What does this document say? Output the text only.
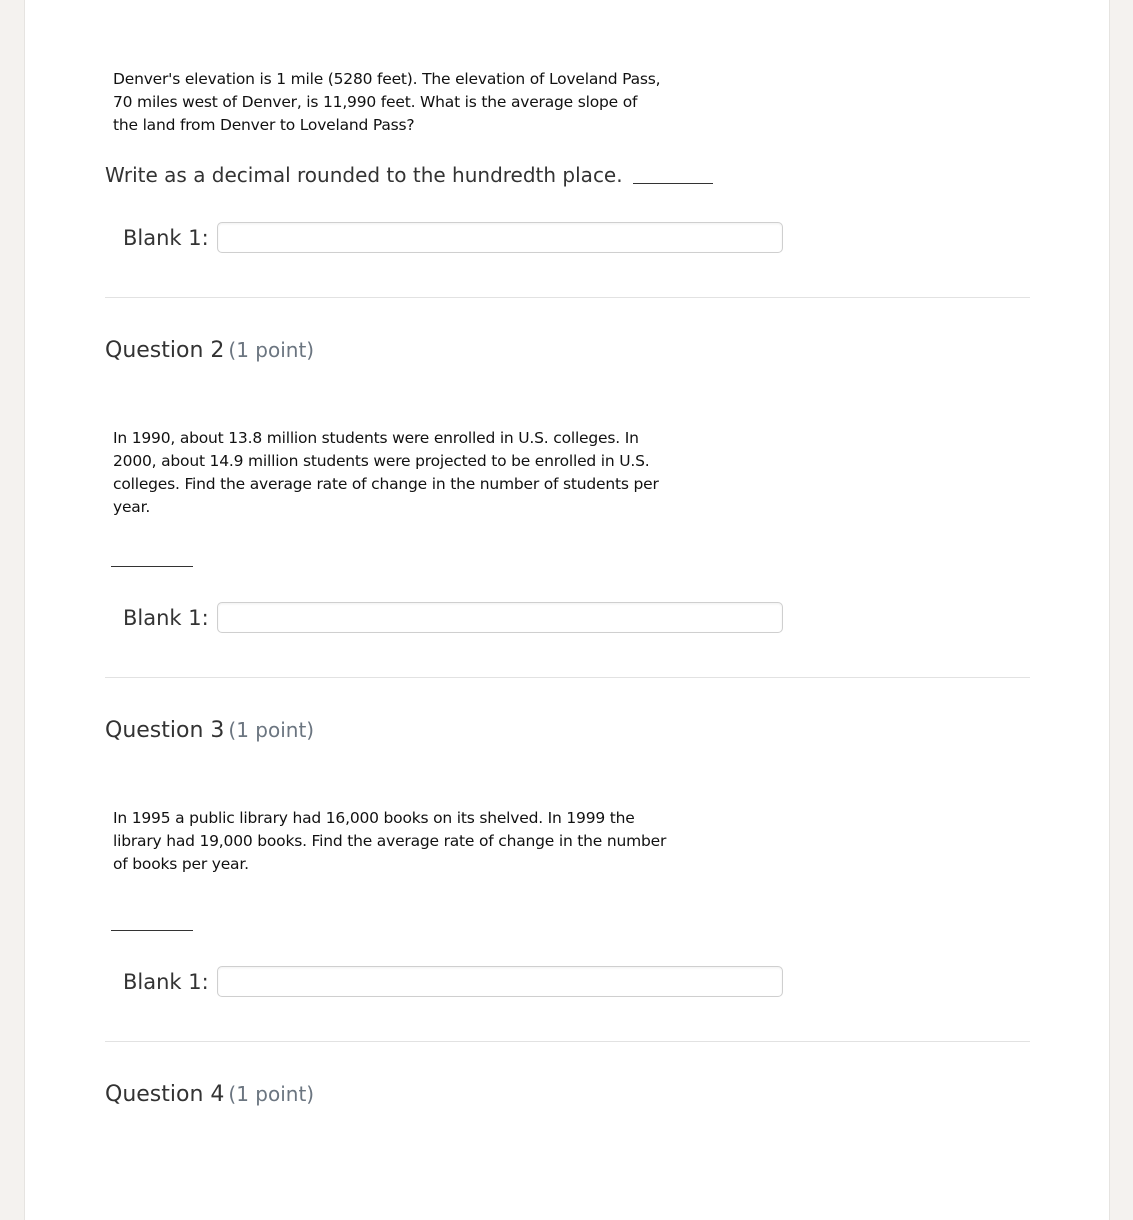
Denver's elevation is 1 mile (5280 feet). The elevation of Loveland Pass,
70 miles west of Denver, is 11,990 feet. What is the average slope of
the land from Denver to Loveland Pass?
Write as a decimal rounded to the hundredth place.
Blank 1:
Question 2 (1 point)
In 1990, about 13.8 million students were enrolled in U.S. colleges. In
2000, about 14.9 million students were projected to be enrolled in U.S.
colleges. Find the average rate of change in the number of students per
year.
Blank 1:
Question 3 (1 point)
In 1995 a public library had 16,000 books on its shelved. In 1999 the
library had 19,000 books. Find the average rate of change in the number
of books per year.
Blank 1:
Question 4 (1 point)
